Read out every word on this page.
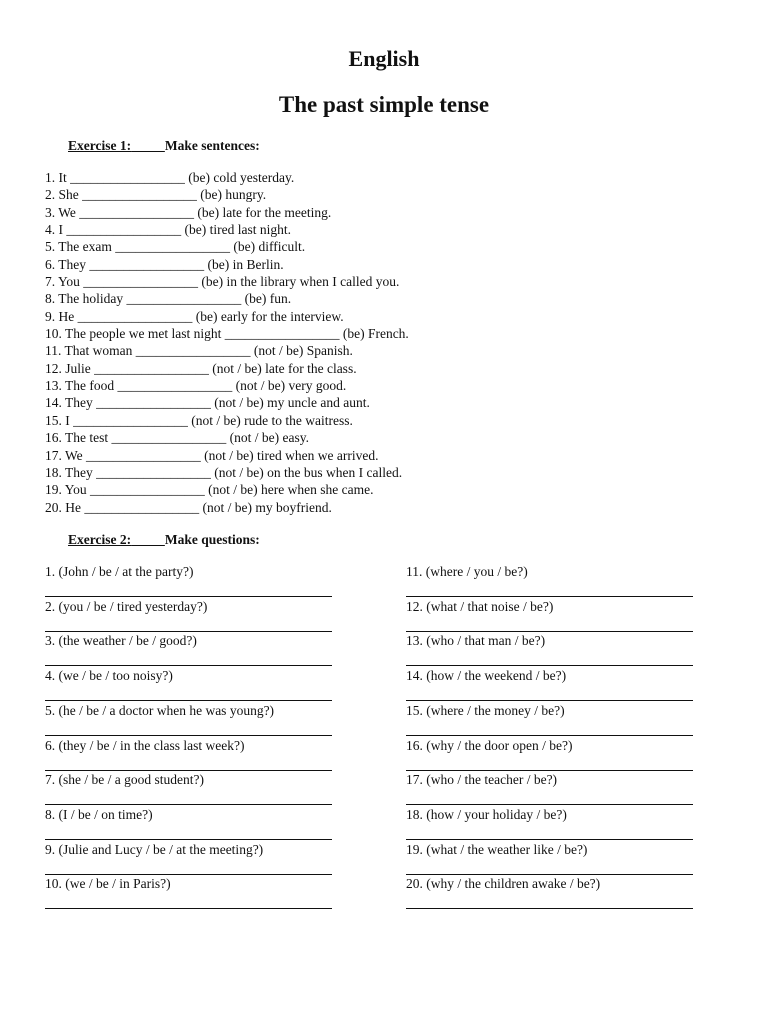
English
The past simple tense
Exercise 1:	Make sentences:
1. It _________________ (be) cold yesterday.
2. She _________________ (be) hungry.
3. We _________________ (be) late for the meeting.
4. I _________________ (be) tired last night.
5. The exam _________________ (be) difficult.
6. They _________________ (be) in Berlin.
7. You _________________ (be) in the library when I called you.
8. The holiday _________________ (be) fun.
9. He _________________ (be) early for the interview.
10. The people we met last night _________________ (be) French.
11. That woman _________________ (not / be) Spanish.
12. Julie _________________ (not / be) late for the class.
13. The food _________________ (not / be) very good.
14. They _________________ (not / be) my uncle and aunt.
15. I _________________ (not / be) rude to the waitress.
16. The test _________________ (not / be) easy.
17. We _________________ (not / be) tired when we arrived.
18. They _________________ (not / be) on the bus when I called.
19. You _________________ (not / be) here when she came.
20. He _________________ (not / be) my boyfriend.
Exercise 2:	Make questions:
1. (John / be / at the party?)
2. (you / be / tired yesterday?)
3. (the weather / be / good?)
4. (we / be / too noisy?)
5. (he / be / a doctor when he was young?)
6. (they / be / in the class last week?)
7. (she / be / a good student?)
8. (I / be / on time?)
9. (Julie and Lucy / be / at the meeting?)
10. (we / be / in Paris?)
11. (where / you / be?)
12. (what / that noise / be?)
13. (who / that man / be?)
14. (how / the weekend / be?)
15. (where / the money / be?)
16. (why / the door open / be?)
17. (who / the teacher / be?)
18. (how / your holiday / be?)
19. (what / the weather like / be?)
20. (why / the children awake / be?)
